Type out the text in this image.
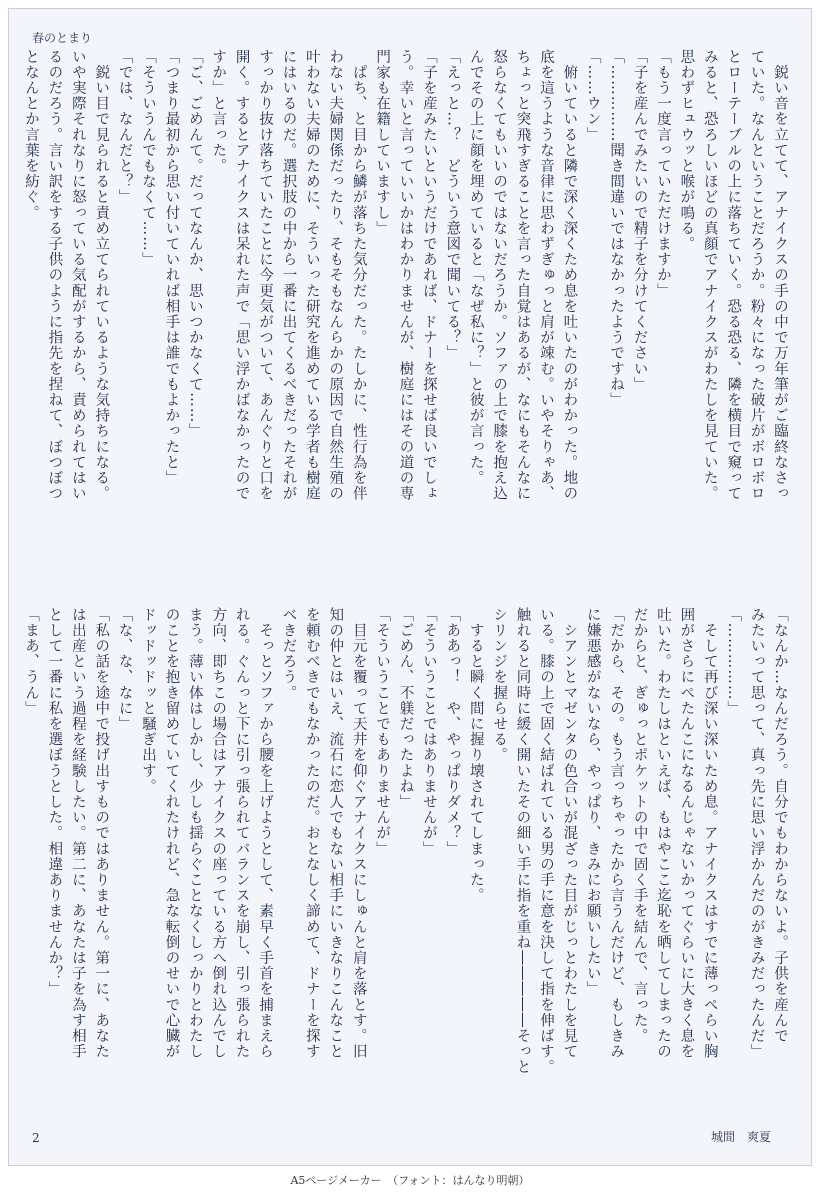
春のとまり
　鋭い音を立てて、アナイクスの手の中で万年筆がご臨終なさっ
ていた。なんということだろうか。粉々になった破片がボロボロ
とローテーブルの上に落ちていく。恐る恐る、隣を横目で窺って
みると、恐ろしいほどの真顔でアナイクスがわたしを見ていた。
思わずヒュウッと喉が鳴る。
「もう一度言っていただけますか」
「子を産んでみたいので精子を分けてください」
「……………聞き間違いではなかったようですね」
「……ウン」
　俯いていると隣で深く深くため息を吐いたのがわかった。地の
底を這うような音律に思わずぎゅっと肩が竦む。いやそりゃあ、
ちょっと突飛すぎることを言った自覚はあるが、なにもそんなに
怒らなくてもいいのではないだろうか。ソファの上で膝を抱え込
んでその上に顔を埋めていると「なぜ私に？」と彼が言った。
「えっと…？　どういう意図で聞いてる？」
「子を産みたいというだけであれば、ドナーを探せば良いでしょ
う。幸いと言っていいかはわかりませんが、樹庭にはその道の専
門家も在籍していますし」
　ぱち、と目から鱗が落ちた気分だった。たしかに、性行為を伴
わない夫婦関係だったり、そもそもなんらかの原因で自然生殖の
叶わない夫婦のために、そういった研究を進めている学者も樹庭
にはいるのだ。選択肢の中から一番に出てくるべきだったそれが
すっかり抜け落ちていたことに今更気がついて、あんぐりと口を
開く。するとアナイクスは呆れた声で「思い浮かばなかったので
すか」と言った。
「ご、ごめんて。だってなんか、思いつかなくて……」
「つまり最初から思い付いていれば相手は誰でもよかったと」
「そういうんでもなくて……」
「では、なんだと？」
　鋭い目で見られると責め立てられているような気持ちになる。
いや実際それなりに怒っている気配がするから、責められてはい
るのだろう。言い訳をする子供のように指先を捏ねて、ぼつぼつ
となんとか言葉を紡ぐ。
「なんか…なんだろう。自分でもわからないよ。子供を産んで
みたいって思って、真っ先に思い浮かんだのがきみだったんだ」
「……………」
　そして再び深い深いため息。アナイクスはすでに薄っぺらい胸
囲がさらにぺたんこになるんじゃないかってぐらいに大きく息を
吐いた。わたしはといえば、もはやここ迄恥を晒してしまったの
だからと、ぎゅっとポケットの中で固く手を結んで、言った。
「だから、その。もう言っちゃったから言うんだけど、もしきみ
に嫌悪感がないなら、やっぱり、きみにお願いしたい」
　シアンとマゼンタの色合いが混ざった目がじっとわたしを見て
いる。膝の上で固く結ばれている男の手に意を決して指を伸ばす。
触れると同時に緩く開いたその細い手に指を重ね―――――そっと
シリンジを握らせる。
　すると瞬く間に握り壊されてしまった。
「ああっ！　や、やっぱりダメ？」
「そういうことではありませんが」
「ごめん、不躾だったよね」
「そういうことでもありませんが」
　目元を覆って天井を仰ぐアナイクスにしゅんと肩を落とす。旧
知の仲とはいえ、流石に恋人でもない相手にいきなりこんなこと
を頼むべきでもなかったのだ。おとなしく諦めて、ドナーを探す
べきだろう。
　そっとソファから腰を上げようとして、素早く手首を捕まえら
れる。ぐんっと下に引っ張られてバランスを崩し、引っ張られた
方向、即ちこの場合はアナイクスの座っている方へ倒れ込んでし
まう。薄い体はしかし、少しも揺らぐことなくしっかりとわたし
のことを抱き留めていてくれたけれど、急な転倒のせいで心臓が
ドッドッドッと騒ぎ出す。
「な、な、なに」
「私の話を途中で投げ出すものではありません。第一に、あなた
は出産という過程を経験したい。第二に、あなたは子を為す相手
として一番に私を選ぼうとした。相違ありませんか？」
「まあ、うん」
2	城間　爽夏
A5ページメーカー　（フォント：はんなり明朝）
